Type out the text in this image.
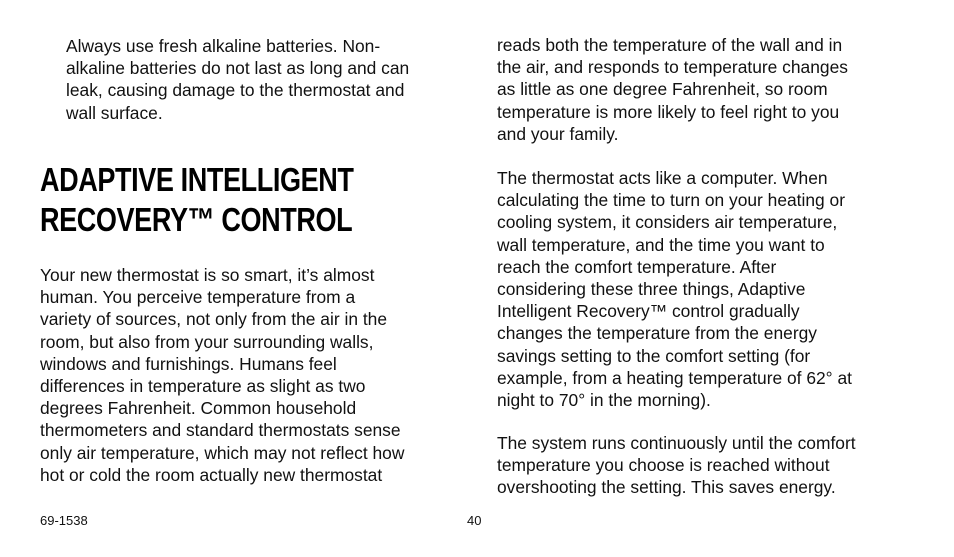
Always use fresh alkaline batteries. Non-
alkaline batteries do not last as long and can
leak, causing damage to the thermostat and
wall surface.

ADAPTIVE INTELLIGENT
RECOVERY™ CONTROL

Your new thermostat is so smart, it’s almost
human. You perceive temperature from a
variety of sources, not only from the air in the
room, but also from your surrounding walls,
windows and furnishings. Humans feel
differences in temperature as slight as two
degrees Fahrenheit. Common household
thermometers and standard thermostats sense
only air temperature, which may not reflect how
hot or cold the room actually new thermostat

reads both the temperature of the wall and in
the air, and responds to temperature changes
as little as one degree Fahrenheit, so room
temperature is more likely to feel right to you
and your family.

The thermostat acts like a computer. When
calculating the time to turn on your heating or
cooling system, it considers air temperature,
wall temperature, and the time you want to
reach the comfort temperature. After
considering these three things, Adaptive
Intelligent Recovery™ control gradually
changes the temperature from the energy
savings setting to the comfort setting (for
example, from a heating temperature of 62° at
night to 70° in the morning).

The system runs continuously until the comfort
temperature you choose is reached without
overshooting the setting. This saves energy.

69-1538	40
